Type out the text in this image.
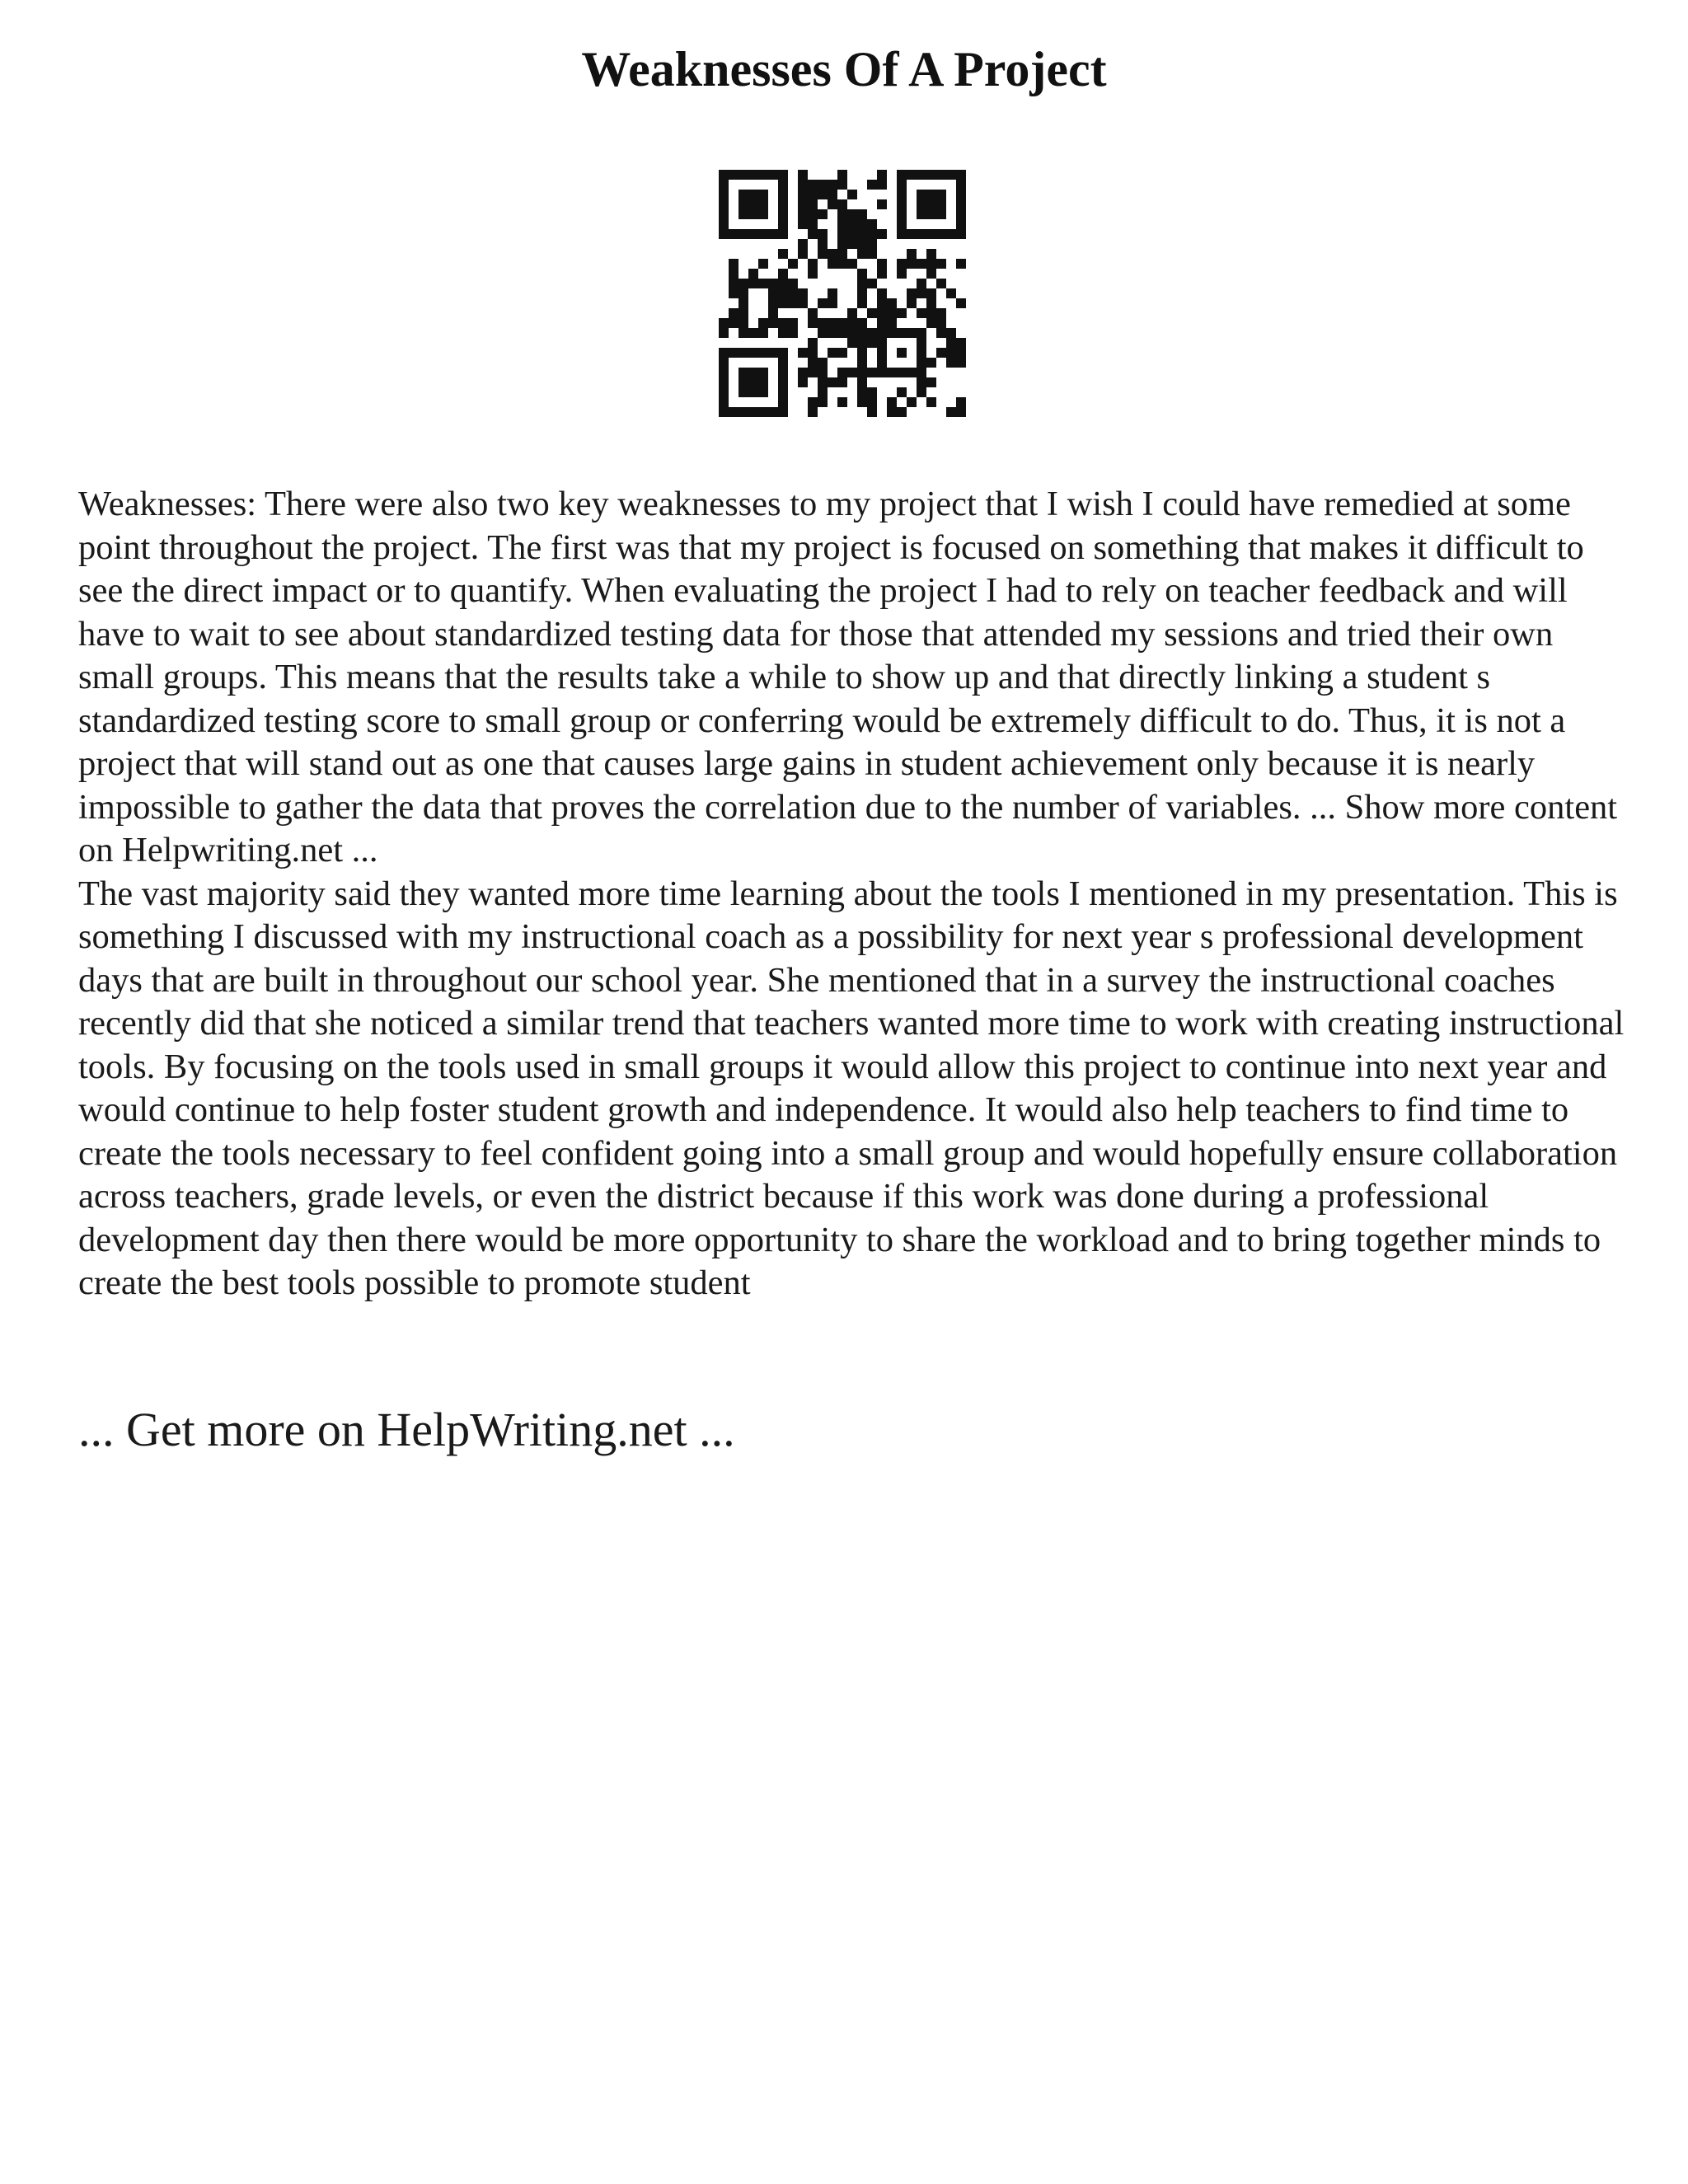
Weaknesses Of A Project

Weaknesses: There were also two key weaknesses to my project that I wish I could have remedied at some point throughout the project. The first was that my project is focused on something that makes it difficult to see the direct impact or to quantify. When evaluating the project I had to rely on teacher feedback and will have to wait to see about standardized testing data for those that attended my sessions and tried their own small groups. This means that the results take a while to show up and that directly linking a student s standardized testing score to small group or conferring would be extremely difficult to do. Thus, it is not a project that will stand out as one that causes large gains in student achievement only because it is nearly impossible to gather the data that proves the correlation due to the number of variables. ... Show more content on Helpwriting.net ...

The vast majority said they wanted more time learning about the tools I mentioned in my presentation. This is something I discussed with my instructional coach as a possibility for next year s professional development days that are built in throughout our school year. She mentioned that in a survey the instructional coaches recently did that she noticed a similar trend that teachers wanted more time to work with creating instructional tools. By focusing on the tools used in small groups it would allow this project to continue into next year and would continue to help foster student growth and independence. It would also help teachers to find time to create the tools necessary to feel confident going into a small group and would hopefully ensure collaboration across teachers, grade levels, or even the district because if this work was done during a professional development day then there would be more opportunity to share the workload and to bring together minds to create the best tools possible to promote student

... Get more on HelpWriting.net ...
